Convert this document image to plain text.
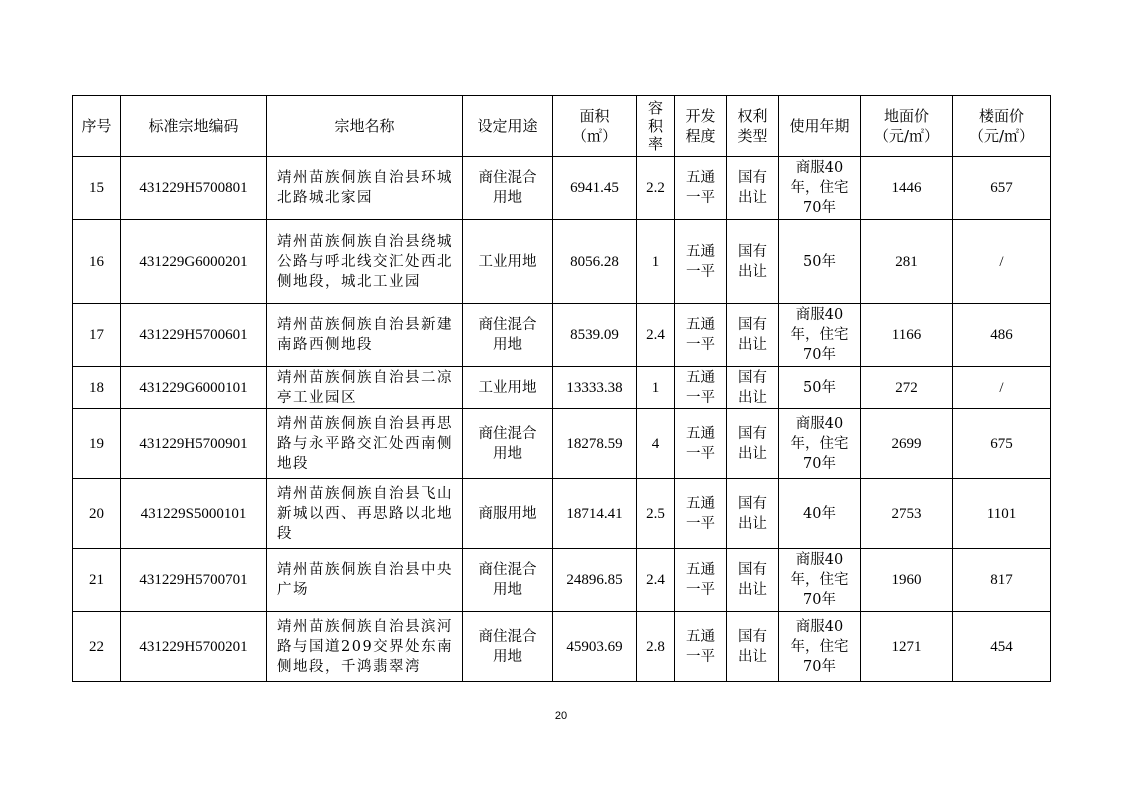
序号	标准宗地编码	宗地名称	设定用途	面积（㎡）	容积率	开发程度	权利类型	使用年期	地面价（元/㎡）	楼面价（元/㎡）
15	431229H5700801	靖州苗族侗族自治县环城北路城北家园	商住混合用地	6941.45	2.2	五通一平	国有出让	商服40年，住宅70年	1446	657
16	431229G6000201	靖州苗族侗族自治县绕城公路与呼北线交汇处西北侧地段，城北工业园	工业用地	8056.28	1	五通一平	国有出让	50年	281	/
17	431229H5700601	靖州苗族侗族自治县新建南路西侧地段	商住混合用地	8539.09	2.4	五通一平	国有出让	商服40年，住宅70年	1166	486
18	431229G6000101	靖州苗族侗族自治县二凉亭工业园区	工业用地	13333.38	1	五通一平	国有出让	50年	272	/
19	431229H5700901	靖州苗族侗族自治县再思路与永平路交汇处西南侧地段	商住混合用地	18278.59	4	五通一平	国有出让	商服40年，住宅70年	2699	675
20	431229S5000101	靖州苗族侗族自治县飞山新城以西、再思路以北地段	商服用地	18714.41	2.5	五通一平	国有出让	40年	2753	1101
21	431229H5700701	靖州苗族侗族自治县中央广场	商住混合用地	24896.85	2.4	五通一平	国有出让	商服40年，住宅70年	1960	817
22	431229H5700201	靖州苗族侗族自治县滨河路与国道209交界处东南侧地段，千鸿翡翠湾	商住混合用地	45903.69	2.8	五通一平	国有出让	商服40年，住宅70年	1271	454
20
